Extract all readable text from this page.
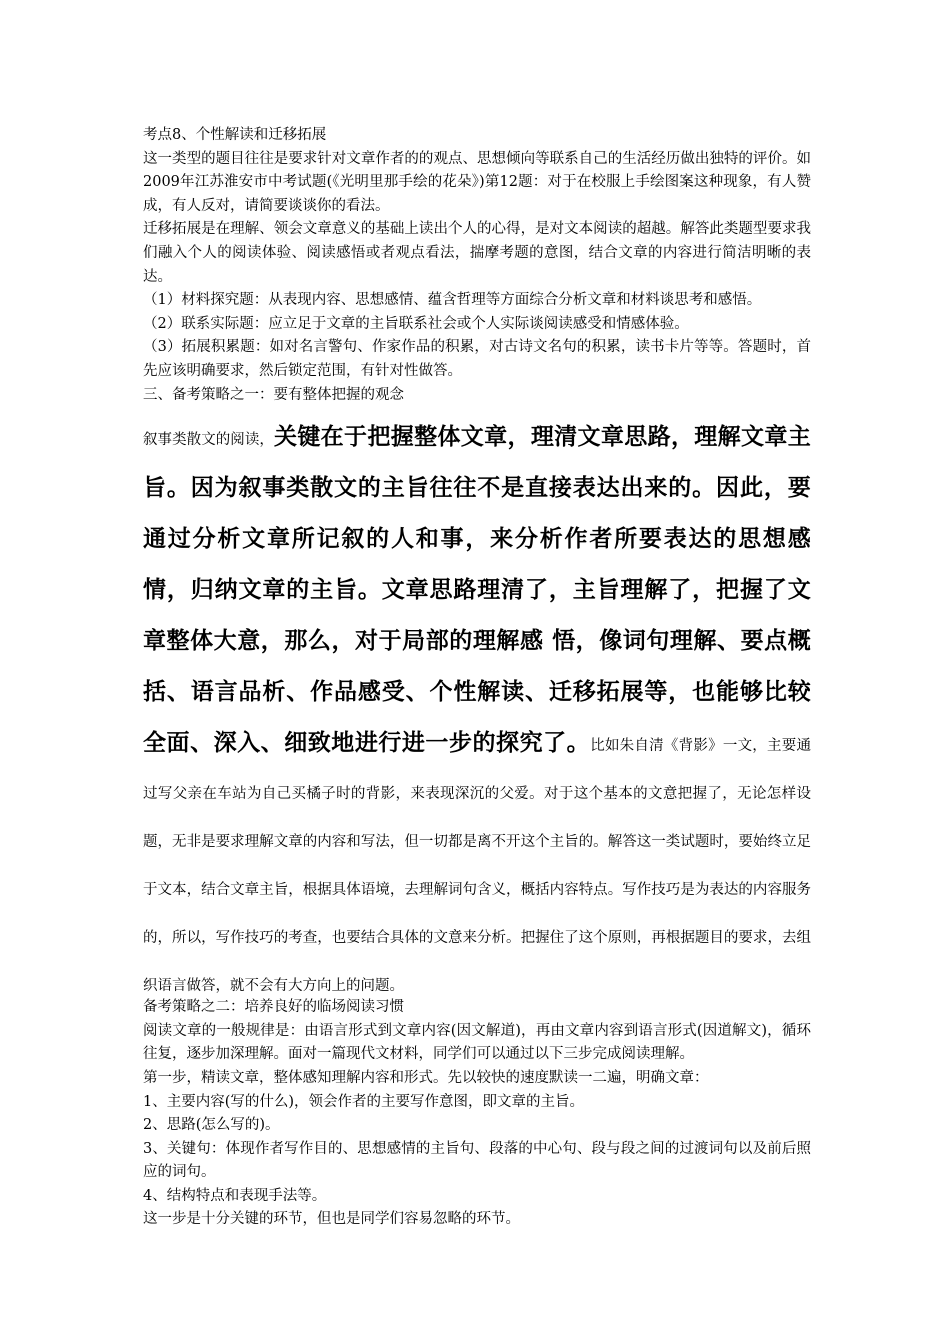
考点8、个性解读和迁移拓展

这一类型的题目往往是要求针对文章作者的的观点、思想倾向等联系自己的生活经历做出独特的评价。如2009年江苏淮安市中考试题(《光明里那手绘的花朵》)第12题：对于在校服上手绘图案这种现象，有人赞成，有人反对，请简要谈谈你的看法。

迁移拓展是在理解、领会文章意义的基础上读出个人的心得，是对文本阅读的超越。解答此类题型要求我们融入个人的阅读体验、阅读感悟或者观点看法，揣摩考题的意图，结合文章的内容进行简洁明晰的表达。

（1）材料探究题：从表现内容、思想感情、蕴含哲理等方面综合分析文章和材料谈思考和感悟。

（2）联系实际题：应立足于文章的主旨联系社会或个人实际谈阅读感受和情感体验。

（3）拓展积累题：如对名言警句、作家作品的积累，对古诗文名句的积累，读书卡片等等。答题时，首先应该明确要求，然后锁定范围，有针对性做答。

三、备考策略之一：要有整体把握的观念

叙事类散文的阅读，关键在于把握整体文章，理清文章思路，理解文章主旨。因为叙事类散文的主旨往往不是直接表达出来的。因此，要通过分析文章所记叙的人和事，来分析作者所要表达的思想感情，归纳文章的主旨。文章思路理清了，主旨理解了，把握了文章整体大意，那么，对于局部的理解感 悟，像词句理解、要点概括、语言品析、作品感受、个性解读、迁移拓展等，也能够比较全面、深入、细致地进行进一步的探究了。比如朱自清《背影》一文，主要通过写父亲在车站为自己买橘子时的背影，来表现深沉的父爱。对于这个基本的文意把握了，无论怎样设题，无非是要求理解文章的内容和写法，但一切都是离不开这个主旨的。解答这一类试题时，要始终立足于文本，结合文章主旨，根据具体语境，去理解词句含义，概括内容特点。写作技巧是为表达的内容服务的，所以，写作技巧的考查，也要结合具体的文意来分析。把握住了这个原则，再根据题目的要求，去组织语言做答，就不会有大方向上的问题。

备考策略之二：培养良好的临场阅读习惯

阅读文章的一般规律是：由语言形式到文章内容(因文解道)，再由文章内容到语言形式(因道解文)，循环往复，逐步加深理解。面对一篇现代文材料，同学们可以通过以下三步完成阅读理解。

第一步，精读文章，整体感知理解内容和形式。先以较快的速度默读一二遍，明确文章：

1、主要内容(写的什么)，领会作者的主要写作意图，即文章的主旨。

2、思路(怎么写的)。

3、关键句：体现作者写作目的、思想感情的主旨句、段落的中心句、段与段之间的过渡词句以及前后照应的词句。

4、结构特点和表现手法等。

这一步是十分关键的环节，但也是同学们容易忽略的环节。
